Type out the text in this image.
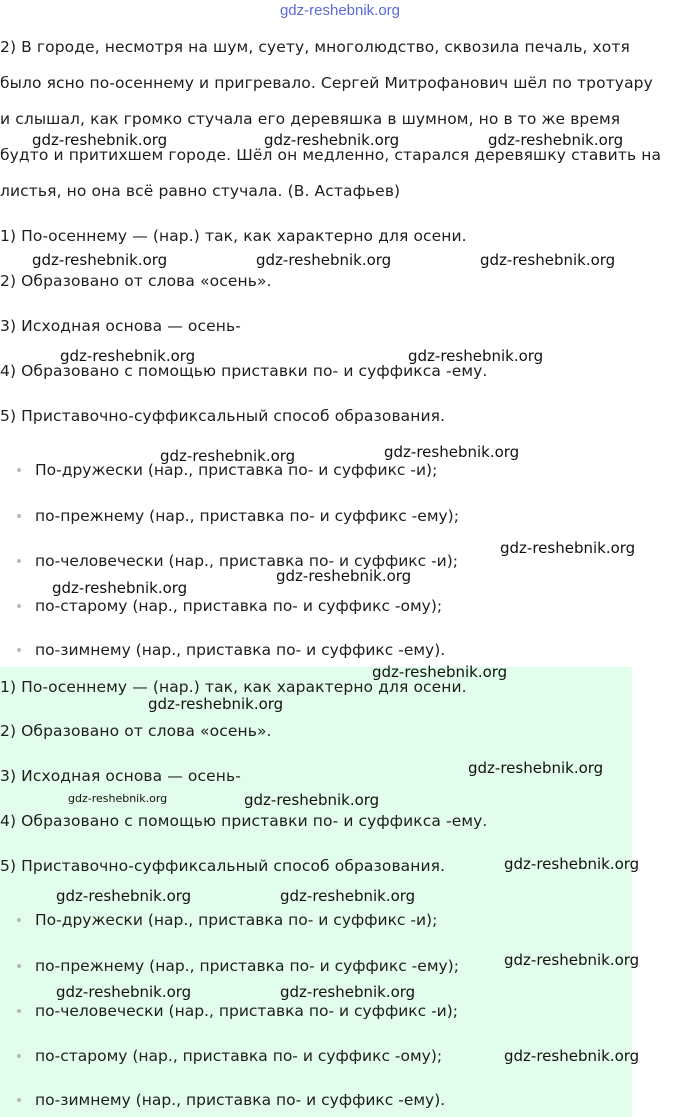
gdz-reshebnik.org
2) В городе, несмотря на шум, суету, многолюдство, сквозила печаль, хотя
было ясно по-осеннему и пригревало. Сергей Митрофанович шёл по тротуару
и слышал, как громко стучала его деревяшка в шумном, но в то же время
будто и притихшем городе. Шёл он медленно, старался деревяшку ставить на
листья, но она всё равно стучала. (В. Астафьев)
1) По-осеннему — (нар.) так, как характерно для осени.
2) Образовано от слова «осень».
3) Исходная основа — осень-
4) Образовано с помощью приставки по- и суффикса -ему.
5) Приставочно-суффиксальный способ образования.
По-дружески (нар., приставка по- и суффикс -и);
по-прежнему (нар., приставка по- и суффикс -ему);
по-человечески (нар., приставка по- и суффикс -и);
по-старому (нар., приставка по- и суффикс -ому);
по-зимнему (нар., приставка по- и суффикс -ему).
1) По-осеннему — (нар.) так, как характерно для осени.
2) Образовано от слова «осень».
3) Исходная основа — осень-
4) Образовано с помощью приставки по- и суффикса -ему.
5) Приставочно-суффиксальный способ образования.
По-дружески (нар., приставка по- и суффикс -и);
по-прежнему (нар., приставка по- и суффикс -ему);
по-человечески (нар., приставка по- и суффикс -и);
по-старому (нар., приставка по- и суффикс -ому);
по-зимнему (нар., приставка по- и суффикс -ему).
gdz-reshebnik.org	gdz-reshebnik.org	gdz-reshebnik.org
gdz-reshebnik.org	gdz-reshebnik.org	gdz-reshebnik.org
gdz-reshebnik.org	gdz-reshebnik.org
gdz-reshebnik.org	gdz-reshebnik.org
gdz-reshebnik.org
gdz-reshebnik.org
gdz-reshebnik.org
gdz-reshebnik.org
gdz-reshebnik.org
gdz-reshebnik.org
gdz-reshebnik.org	gdz-reshebnik.org
gdz-reshebnik.org
gdz-reshebnik.org	gdz-reshebnik.org
gdz-reshebnik.org
gdz-reshebnik.org	gdz-reshebnik.org
gdz-reshebnik.org
